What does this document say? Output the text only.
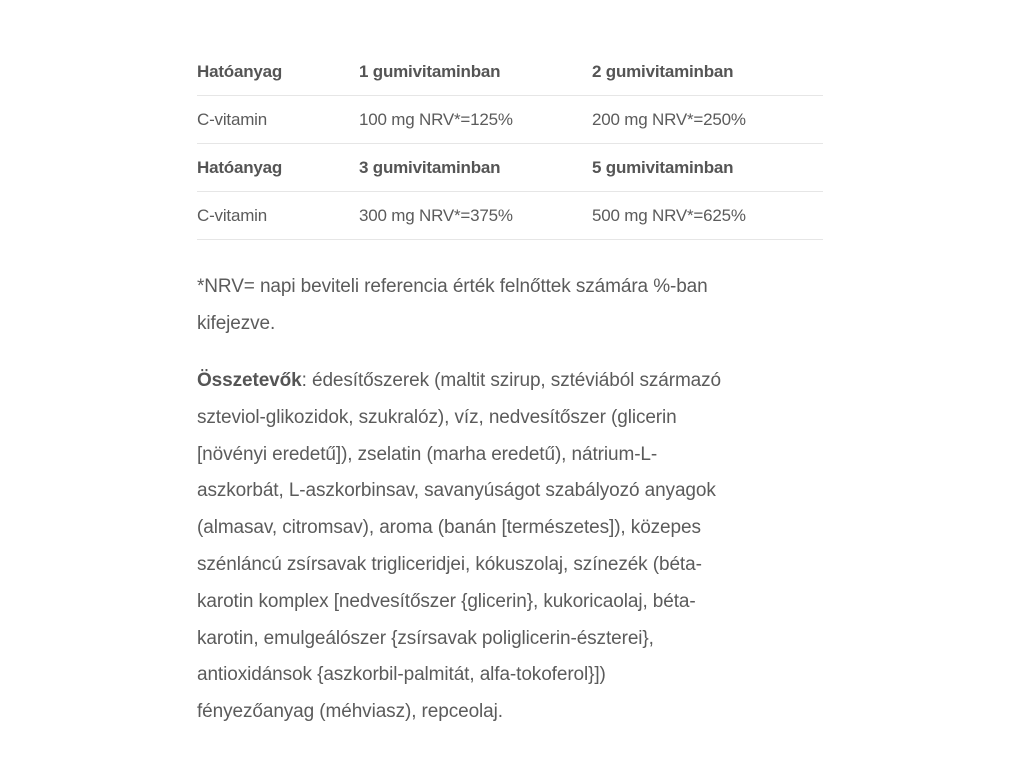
Hatóanyag	1 gumivitaminban	2 gumivitaminban
C-vitamin	100 mg NRV*=125%	200 mg NRV*=250%
Hatóanyag	3 gumivitaminban	5 gumivitaminban
C-vitamin	300 mg NRV*=375%	500 mg NRV*=625%

*NRV= napi beviteli referencia érték felnőttek számára %-ban
kifejezve.

Összetevők: édesítőszerek (maltit szirup, sztéviából származó
szteviol-glikozidok, szukralóz), víz, nedvesítőszer (glicerin
[növényi eredetű]), zselatin (marha eredetű), nátrium-L-
aszkorbát, L-aszkorbinsav, savanyúságot szabályozó anyagok
(almasav, citromsav), aroma (banán [természetes]), közepes
szénláncú zsírsavak trigliceridjei, kókuszolaj, színezék (béta-
karotin komplex [nedvesítőszer {glicerin}, kukoricaolaj, béta-
karotin, emulgeálószer {zsírsavak poliglicerin-észterei},
antioxidánsok {aszkorbil-palmitát, alfa-tokoferol}])
fényezőanyag (méhviasz), repceolaj.
